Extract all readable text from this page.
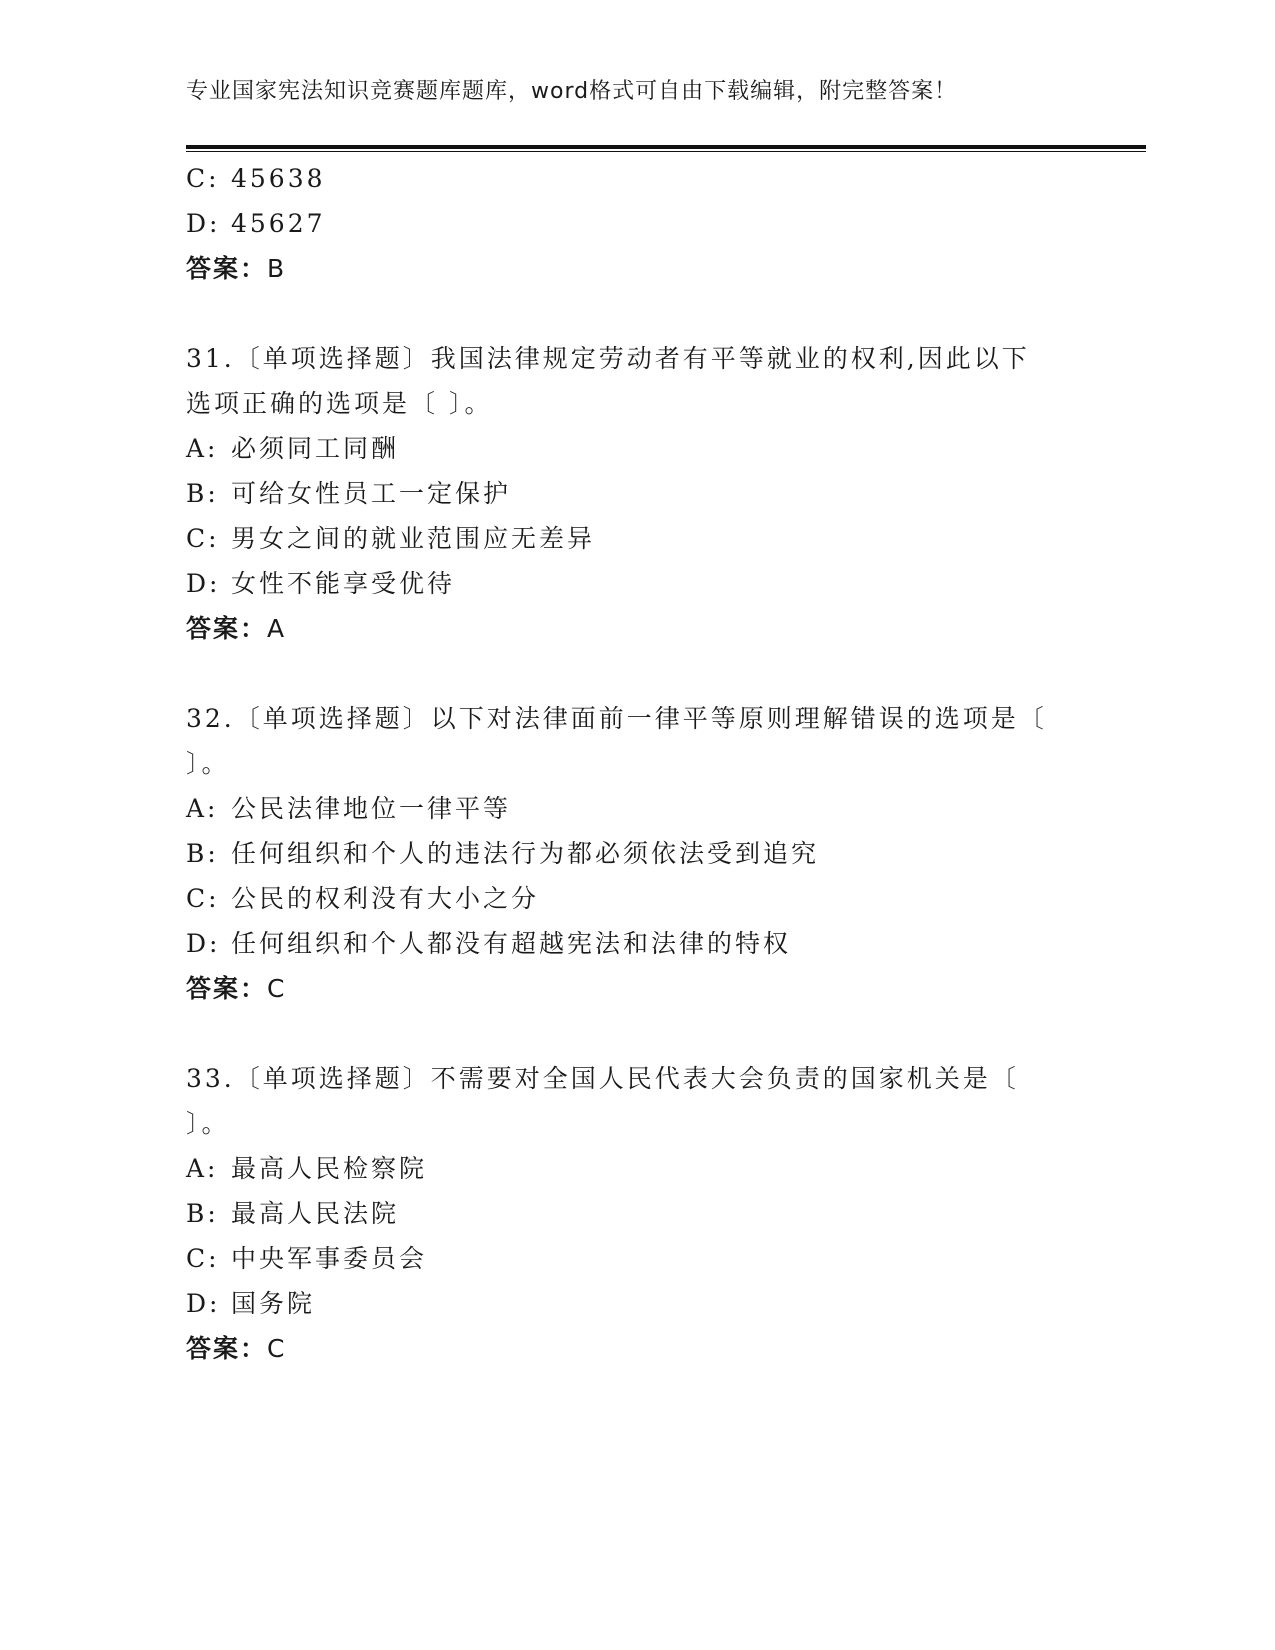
专业国家宪法知识竞赛题库题库，word格式可自由下载编辑，附完整答案！
C: 45638
D: 45627
答案：B
31.〔单项选择题〕我国法律规定劳动者有平等就业的权利,因此以下
选项正确的选项是〔 〕。
A: 必须同工同酬
B: 可给女性员工一定保护
C: 男女之间的就业范围应无差异
D: 女性不能享受优待
答案：A
32.〔单项选择题〕以下对法律面前一律平等原则理解错误的选项是〔
〕。
A: 公民法律地位一律平等
B: 任何组织和个人的违法行为都必须依法受到追究
C: 公民的权利没有大小之分
D: 任何组织和个人都没有超越宪法和法律的特权
答案：C
33.〔单项选择题〕不需要对全国人民代表大会负责的国家机关是〔
〕。
A: 最高人民检察院
B: 最高人民法院
C: 中央军事委员会
D: 国务院
答案：C
